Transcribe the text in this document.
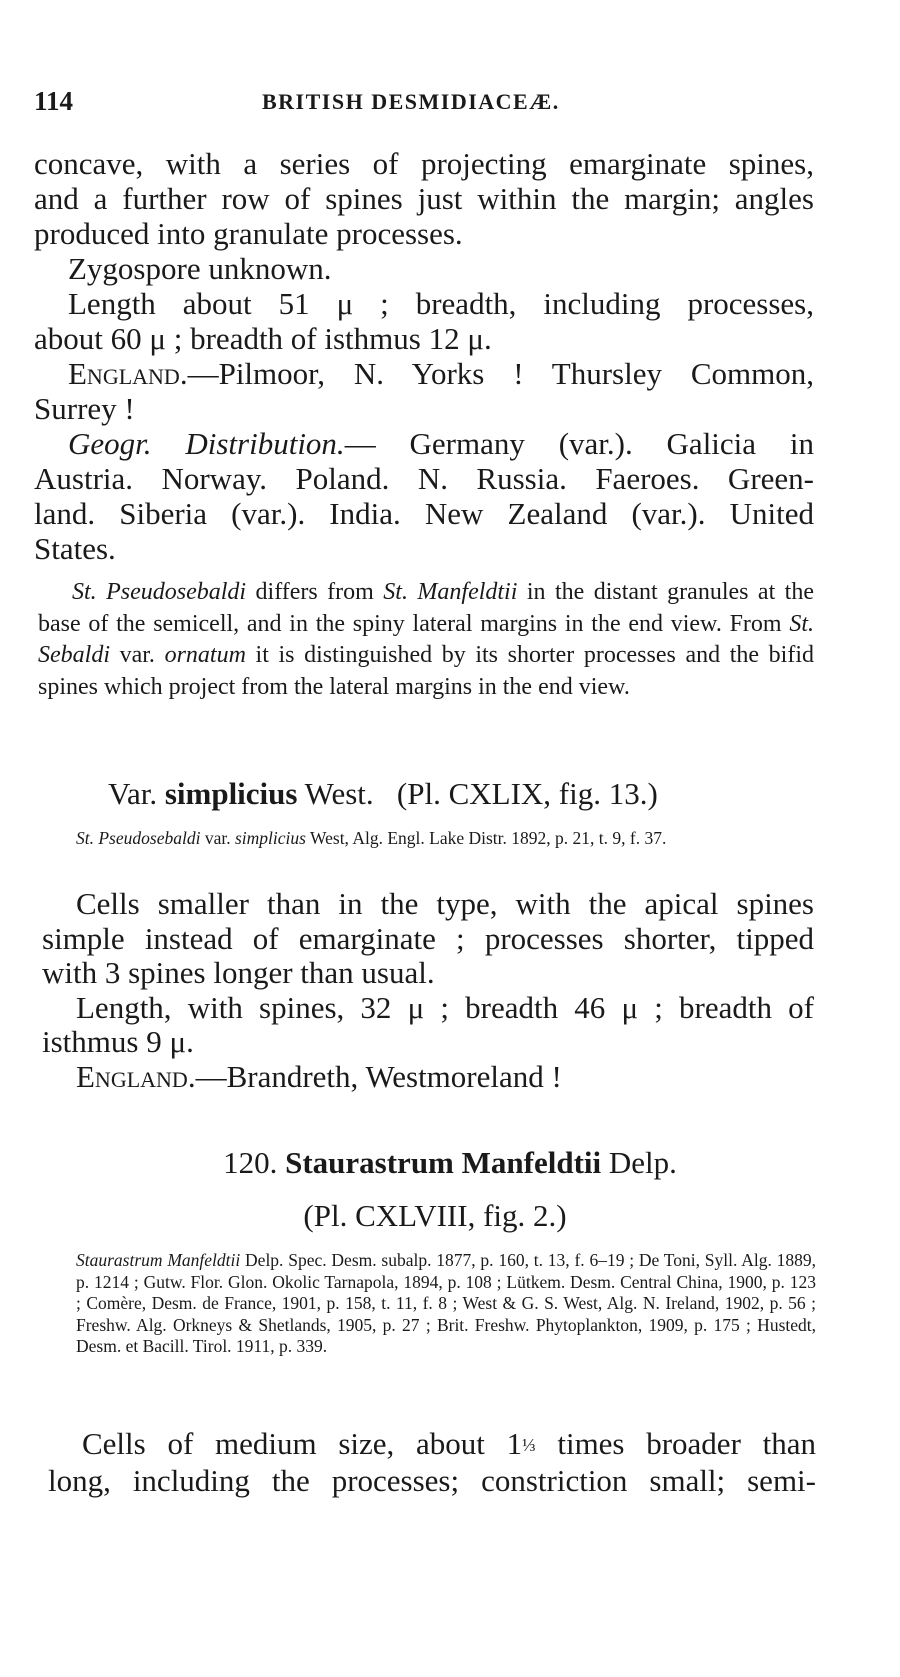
114	BRITISH DESMIDIACEÆ.
concave, with a series of projecting emarginate spines,
and a further row of spines just within the margin; angles
produced into granulate processes.
Zygospore unknown.
Length about 51 μ ; breadth, including processes,
about 60 μ ; breadth of isthmus 12 μ.
England.—Pilmoor, N. Yorks ! Thursley Common,
Surrey !
Geogr. Distribution.— Germany (var.). Galicia in
Austria. Norway. Poland. N. Russia. Faeroes. Green-
land. Siberia (var.). India. New Zealand (var.). United
States.
St. Pseudosebaldi differs from St. Manfeldtii in the distant granules at the base of the semicell, and in the spiny lateral margins in the end view. From St. Sebaldi var. ornatum it is distinguished by its shorter processes and the bifid spines which project from the lateral margins in the end view.
Var. simplicius West. (Pl. CXLIX, fig. 13.)
St. Pseudosebaldi var. simplicius West, Alg. Engl. Lake Distr. 1892, p. 21, t. 9, f. 37.
Cells smaller than in the type, with the apical spines
simple instead of emarginate ; processes shorter, tipped
with 3 spines longer than usual.
Length, with spines, 32 μ ; breadth 46 μ ; breadth of
isthmus 9 μ.
England.—Brandreth, Westmoreland !
120. Staurastrum Manfeldtii Delp.
(Pl. CXLVIII, fig. 2.)
Staurastrum Manfeldtii Delp. Spec. Desm. subalp. 1877, p. 160, t. 13, f. 6–19 ; De Toni, Syll. Alg. 1889, p. 1214 ; Gutw. Flor. Glon. Okolic Tarnapola, 1894, p. 108 ; Lütkem. Desm. Central China, 1900, p. 123 ; Comère, Desm. de France, 1901, p. 158, t. 11, f. 8 ; West & G. S. West, Alg. N. Ireland, 1902, p. 56 ; Freshw. Alg. Orkneys & Shetlands, 1905, p. 27 ; Brit. Freshw. Phytoplankton, 1909, p. 175 ; Hustedt, Desm. et Bacill. Tirol. 1911, p. 339.
Cells of medium size, about 1⅓ times broader than
long, including the processes; constriction small; semi-
